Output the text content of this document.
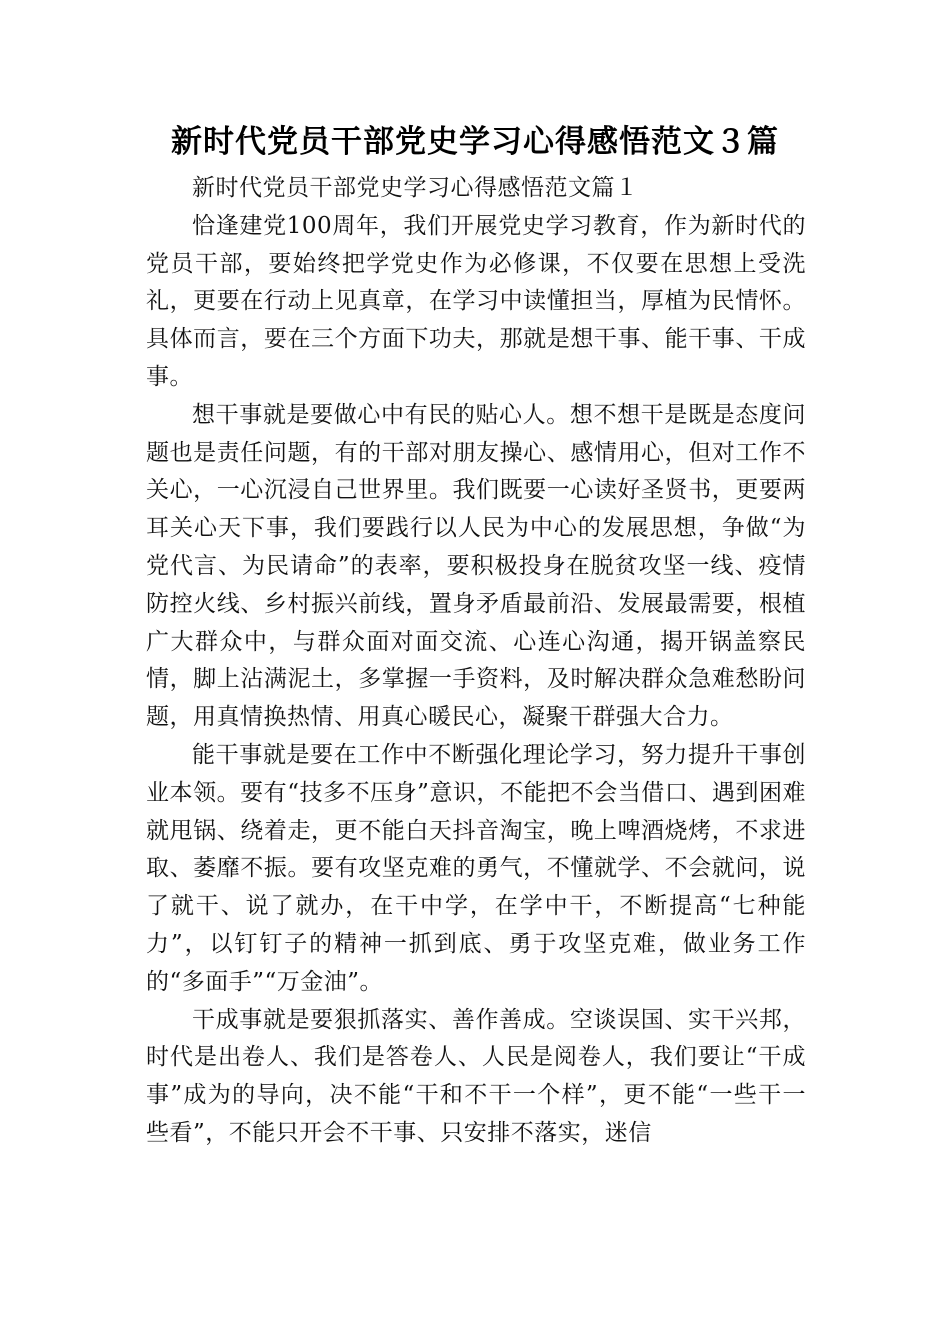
新时代党员干部党史学习心得感悟范文３篇

新时代党员干部党史学习心得感悟范文篇１

恰逢建党100周年，我们开展党史学习教育，作为新时代的党员干部，要始终把学党史作为必修课，不仅要在思想上受洗礼，更要在行动上见真章，在学习中读懂担当，厚植为民情怀。具体而言，要在三个方面下功夫，那就是想干事、能干事、干成事。

想干事就是要做心中有民的贴心人。想不想干是既是态度问题也是责任问题，有的干部对朋友操心、感情用心，但对工作不关心，一心沉浸自己世界里。我们既要一心读好圣贤书，更要两耳关心天下事，我们要践行以人民为中心的发展思想，争做“为党代言、为民请命”的表率，要积极投身在脱贫攻坚一线、疫情防控火线、乡村振兴前线，置身矛盾最前沿、发展最需要，根植广大群众中，与群众面对面交流、心连心沟通，揭开锅盖察民情，脚上沾满泥土，多掌握一手资料，及时解决群众急难愁盼问题，用真情换热情、用真心暖民心，凝聚干群强大合力。

能干事就是要在工作中不断强化理论学习，努力提升干事创业本领。要有“技多不压身”意识，不能把不会当借口、遇到困难就甩锅、绕着走，更不能白天抖音淘宝，晚上啤酒烧烤，不求进取、萎靡不振。要有攻坚克难的勇气，不懂就学、不会就问，说了就干、说了就办，在干中学，在学中干，不断提高“七种能力”，以钉钉子的精神一抓到底、勇于攻坚克难，做业务工作的“多面手”“万金油”。

干成事就是要狠抓落实、善作善成。空谈误国、实干兴邦，时代是出卷人、我们是答卷人、人民是阅卷人，我们要让“干成事”成为的导向，决不能“干和不干一个样”，更不能“一些干一些看”，不能只开会不干事、只安排不落实，迷信
